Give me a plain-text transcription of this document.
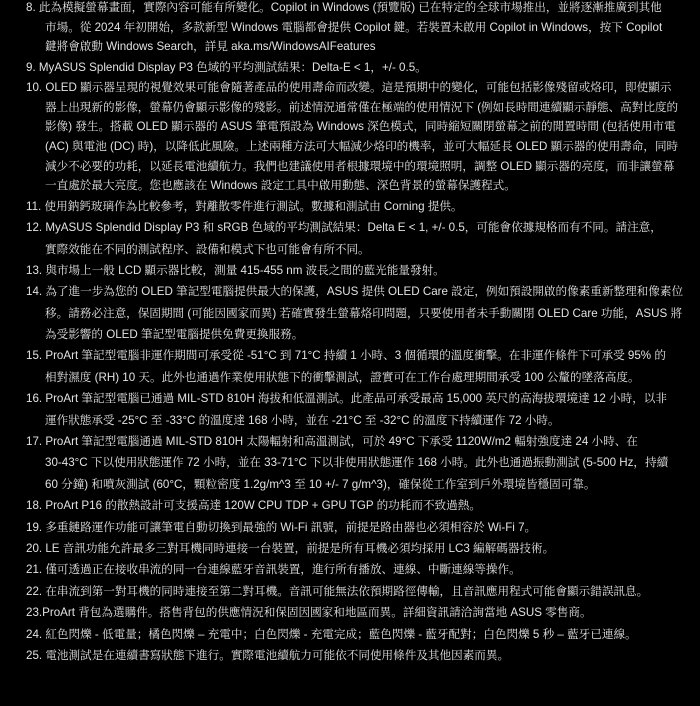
8. 此為模擬螢幕畫面，實際內容可能有所變化。Copilot in Windows (預覽版) 已在特定的全球市場推出，並將逐漸推廣到其他
市場。從 2024 年初開始，多款新型 Windows 電腦都會提供 Copilot 鍵。若裝置未啟用 Copilot in Windows，按下 Copilot
鍵將會啟動 Windows Search，詳見 aka.ms/WindowsAIFeatures
9. MyASUS Splendid Display P3 色域的平均測試結果：Delta-E < 1，+/- 0.5。
10. OLED 顯示器呈現的視覺效果可能會隨著產品的使用壽命而改變。這是預期中的變化，可能包括影像殘留或烙印，即使顯示
器上出現新的影像，螢幕仍會顯示影像的殘影。前述情況通常僅在極端的使用情況下 (例如長時間連續顯示靜態、高對比度的
影像) 發生。搭載 OLED 顯示器的 ASUS 筆電預設為 Windows 深色模式，同時縮短關閉螢幕之前的閒置時間 (包括使用市電
(AC) 與電池 (DC) 時)，以降低此風險。上述兩種方法可大幅減少烙印的機率，並可大幅延長 OLED 顯示器的使用壽命，同時
減少不必要的功耗，以延長電池續航力。我們也建議使用者根據環境中的環境照明，調整 OLED 顯示器的亮度，而非讓螢幕
一直處於最大亮度。您也應該在 Windows 設定工具中啟用動態、深色背景的螢幕保護程式。
11. 使用鈉鈣玻璃作為比較參考，對離散零件進行測試。數據和測試由 Corning 提供。
12. MyASUS Splendid Display P3 和 sRGB 色域的平均測試結果：Delta E < 1, +/- 0.5，可能會依據規格而有不同。請注意，
實際效能在不同的測試程序、設備和模式下也可能會有所不同。
13. 與市場上一般 LCD 顯示器比較，測量 415-455 nm 波長之間的藍光能量發射。
14. 為了進一步為您的 OLED 筆記型電腦提供最大的保護，ASUS 提供 OLED Care 設定，例如預設開啟的像素重新整理和像素位
移。請務必注意，保固期間 (可能因國家而異) 若確實發生螢幕烙印問題，只要使用者未手動關閉 OLED Care 功能，ASUS 將
為受影響的 OLED 筆記型電腦提供免費更換服務。
15. ProArt 筆記型電腦非運作期間可承受從 -51°C 到 71°C 持續 1 小時、3 個循環的溫度衝擊。在非運作條件下可承受 95% 的
相對濕度 (RH) 10 天。此外也通過作業使用狀態下的衝擊測試，證實可在工作台處理期間承受 100 公釐的墜落高度。
16. ProArt 筆記型電腦已通過 MIL-STD 810H 海拔和低溫測試。此產品可承受最高 15,000 英尺的高海拔環境達 12 小時，以非
運作狀態承受 -25°C 至 -33°C 的溫度達 168 小時，並在 -21°C 至 -32°C 的溫度下持續運作 72 小時。
17. ProArt 筆記型電腦通過 MIL-STD 810H 太陽輻射和高溫測試，可於 49°C 下承受 1120W/m2 輻射強度達 24 小時、在
30-43°C 下以使用狀態運作 72 小時，並在 33-71°C 下以非使用狀態運作 168 小時。此外也通過振動測試 (5-500 Hz，持續
60 分鐘) 和噴灰測試 (60°C，顆粒密度 1.2g/m^3 至 10 +/- 7 g/m^3)，確保從工作室到戶外環境皆穩固可靠。
18. ProArt P16 的散熱設計可支援高達 120W CPU TDP + GPU TGP 的功耗而不致過熱。
19. 多重鏈路運作功能可讓筆電自動切換到最強的 Wi-Fi 訊號，前提是路由器也必須相容於 Wi-Fi 7。
20. LE 音訊功能允許最多三對耳機同時連接一台裝置，前提是所有耳機必須均採用 LC3 編解碼器技術。
21. 僅可透過正在接收串流的同一台連線藍牙音訊裝置，進行所有播放、連線、中斷連線等操作。
22. 在串流到第一對耳機的同時連接至第二對耳機。音訊可能無法依預期路徑傳輸，且音訊應用程式可能會顯示錯誤訊息。
23.ProArt 背包為選購件。搭售背包的供應情況和保固因國家和地區而異。詳細資訊請洽詢當地 ASUS 零售商。
24. 紅色閃爍 - 低電量；橘色閃爍 – 充電中；白色閃爍 - 充電完成；藍色閃爍 - 藍牙配對；白色閃爍 5 秒 – 藍牙已連線。
25. 電池測試是在連續書寫狀態下進行。實際電池續航力可能依不同使用條件及其他因素而異。
